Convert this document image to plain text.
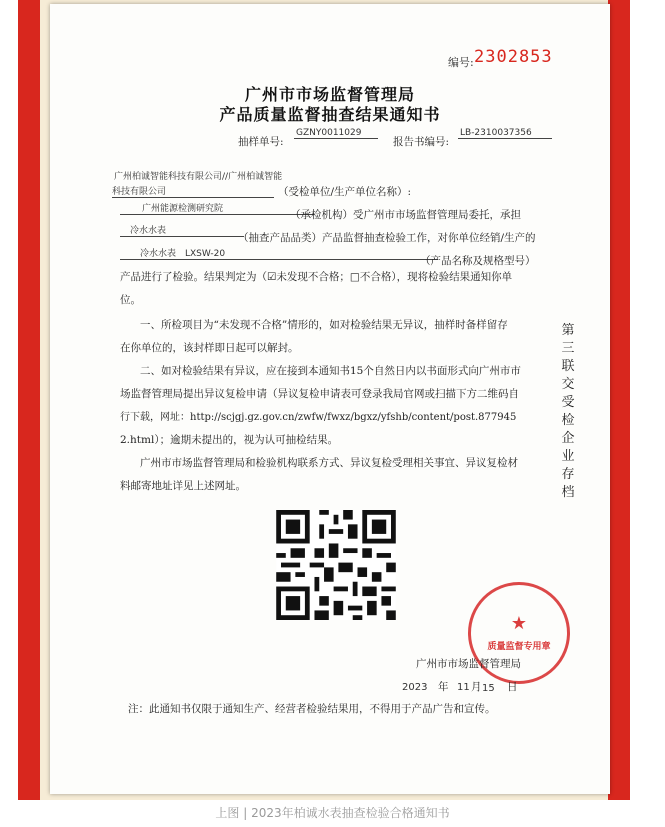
编号: 2302853
广州市市场监督管理局
产品质量监督抽查结果通知书
抽样单号:
GZNY0011029
报告书编号:
LB-2310037356
广州柏诚智能科技有限公司//广州柏诚智能
科技有限公司	（受检单位/生产单位名称）:
广州能源检测研究院	（承检机构）受广州市市场监督管理局委托，承担
冷水水表
（抽查产品品类）产品监督抽查检验工作，对你单位经销/生产的
冷水水表　LXSW-20
（产品名称及规格型号）
产品进行了检验。结果判定为（☑未发现不合格；□不合格），现将检验结果通知你单
位。
一、所检项目为“未发现不合格”情形的，如对检验结果无异议，抽样时备样留存
在你单位的，该封样即日起可以解封。
二、如对检验结果有异议，应在接到本通知书15个自然日内以书面形式向广州市市
场监督管理局提出异议复检申请（异议复检申请表可登录我局官网或扫描下方二维码自
行下载，网址：http://scjgj.gz.gov.cn/zwfw/fwxz/bgxz/yfshb/content/post.877945
2.html）；逾期未提出的，视为认可抽检结果。
广州市市场监督管理局和检验机构联系方式、异议复检受理相关事宜、异议复检材
料邮寄地址详见上述网址。
第三联交受检企业存档
★
质量监督专用章
广州市市场监督管理局
2023 年 11 月 15 日
注：此通知书仅限于通知生产、经营者检验结果用，不得用于产品广告和宣传。
上图 | 2023年柏诚水表抽查检验合格通知书
